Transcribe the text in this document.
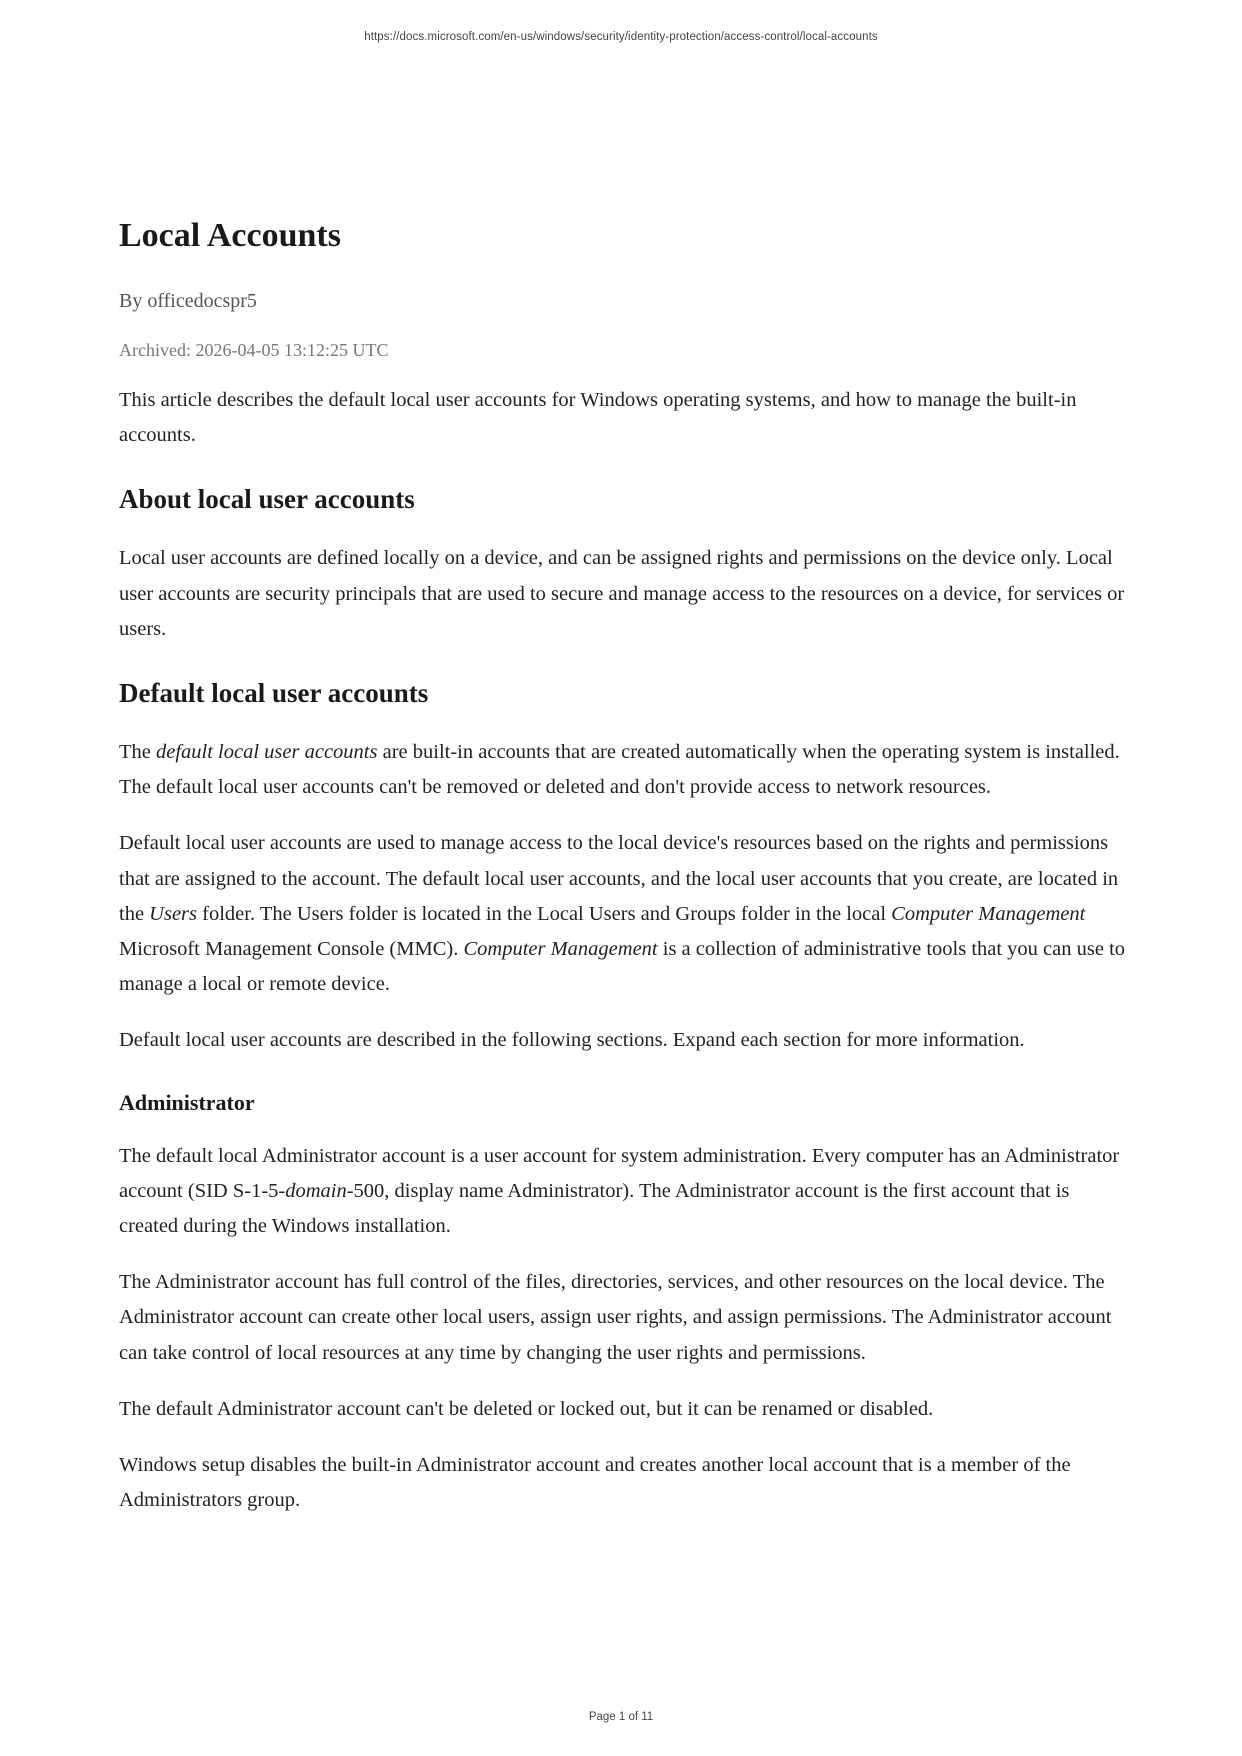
https://docs.microsoft.com/en-us/windows/security/identity-protection/access-control/local-accounts
Local Accounts
By officedocspr5
Archived: 2026-04-05 13:12:25 UTC

This article describes the default local user accounts for Windows operating systems, and how to manage the built-in accounts.

About local user accounts

Local user accounts are defined locally on a device, and can be assigned rights and permissions on the device only. Local user accounts are security principals that are used to secure and manage access to the resources on a device, for services or users.

Default local user accounts

The default local user accounts are built-in accounts that are created automatically when the operating system is installed. The default local user accounts can't be removed or deleted and don't provide access to network resources.

Default local user accounts are used to manage access to the local device's resources based on the rights and permissions that are assigned to the account. The default local user accounts, and the local user accounts that you create, are located in the Users folder. The Users folder is located in the Local Users and Groups folder in the local Computer Management Microsoft Management Console (MMC). Computer Management is a collection of administrative tools that you can use to manage a local or remote device.

Default local user accounts are described in the following sections. Expand each section for more information.

Administrator

The default local Administrator account is a user account for system administration. Every computer has an Administrator account (SID S-1-5-domain-500, display name Administrator). The Administrator account is the first account that is created during the Windows installation.

The Administrator account has full control of the files, directories, services, and other resources on the local device. The Administrator account can create other local users, assign user rights, and assign permissions. The Administrator account can take control of local resources at any time by changing the user rights and permissions.

The default Administrator account can't be deleted or locked out, but it can be renamed or disabled.

Windows setup disables the built-in Administrator account and creates another local account that is a member of the Administrators group.

Page 1 of 11
